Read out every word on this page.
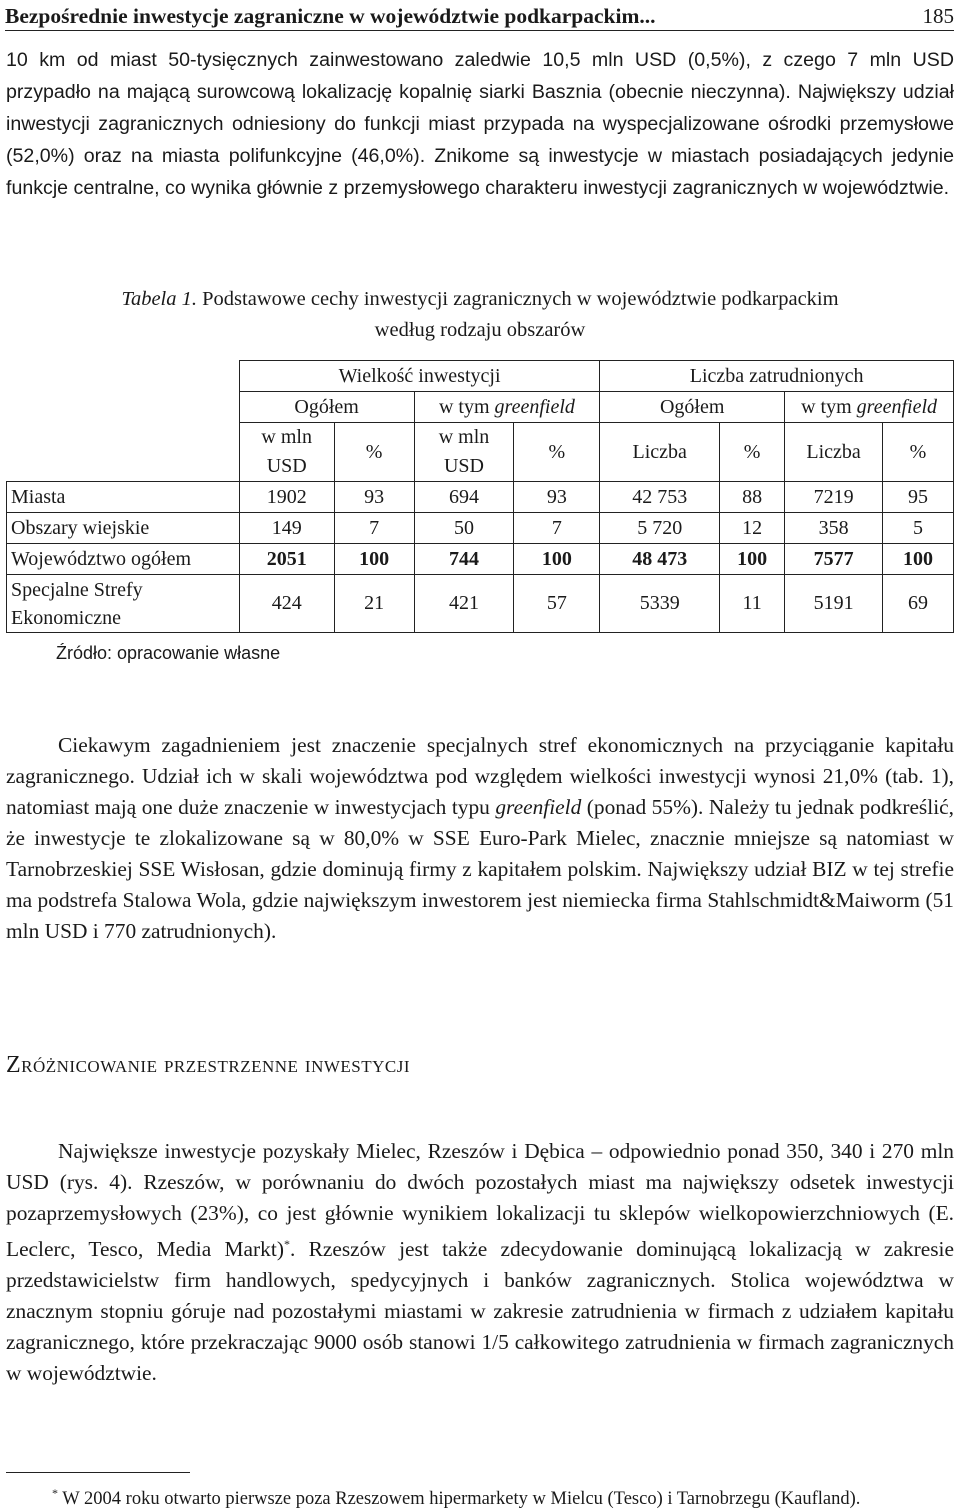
Bezpośrednie inwestycje zagraniczne w województwie podkarpackim...	185

10 km od miast 50-tysięcznych zainwestowano zaledwie 10,5 mln USD (0,5%), z czego 7 mln USD przypadło na mającą surowcową lokalizację kopalnię siarki Basznia (obecnie nieczynna). Największy udział inwestycji zagranicznych odniesiony do funkcji miast przypada na wyspecjalizowane ośrodki przemysłowe (52,0%) oraz na miasta polifunkcyjne (46,0%). Znikome są inwestycje w miastach posiadających jedynie funkcje centralne, co wynika głównie z przemysłowego charakteru inwestycji zagranicznych w województwie.

Tabela 1. Podstawowe cechy inwestycji zagranicznych w województwie podkarpackim
według rodzaju obszarów
	Wielkość inwestycji				Liczba zatrudnionych			
	Ogółem		w tym greenfield		Ogółem		w tym greenfield	
	w mln USD	%	w mln USD	%	Liczba	%	Liczba	%
Miasta	1902	93	694	93	42 753	88	7219	95
Obszary wiejskie	149	7	50	7	5 720	12	358	5
Województwo ogółem	2051	100	744	100	48 473	100	7577	100
Specjalne Strefy Ekonomiczne	424	21	421	57	5339	11	5191	69
Źródło: opracowanie własne

Ciekawym zagadnieniem jest znaczenie specjalnych stref ekonomicznych na przyciąganie kapitału zagranicznego. Udział ich w skali województwa pod względem wielkości inwestycji wynosi 21,0% (tab. 1), natomiast mają one duże znaczenie w inwestycjach typu greenfield (ponad 55%). Należy tu jednak podkreślić, że inwestycje te zlokalizowane są w 80,0% w SSE Euro-Park Mielec, znacznie mniejsze są natomiast w Tarnobrzeskiej SSE Wisłosan, gdzie dominują firmy z kapitałem polskim. Największy udział BIZ w tej strefie ma podstrefa Stalowa Wola, gdzie największym inwestorem jest niemiecka firma Stahlschmidt&Maiworm (51 mln USD i 770 zatrudnionych).

Zróżnicowanie przestrzenne inwestycji

Największe inwestycje pozyskały Mielec, Rzeszów i Dębica – odpowiednio ponad 350, 340 i 270 mln USD (rys. 4). Rzeszów, w porównaniu do dwóch pozostałych miast ma największy odsetek inwestycji pozaprzemysłowych (23%), co jest głównie wynikiem lokalizacji tu sklepów wielkopowierzchniowych (E. Leclerc, Tesco, Media Markt)*. Rzeszów jest także zdecydowanie dominującą lokalizacją w zakresie przedstawicielstw firm handlowych, spedycyjnych i banków zagranicznych. Stolica województwa w znacznym stopniu góruje nad pozostałymi miastami w zakresie zatrudnienia w firmach z udziałem kapitału zagranicznego, które przekraczając 9000 osób stanowi 1/5 całkowitego zatrudnienia w firmach zagranicznych w województwie.

* W 2004 roku otwarto pierwsze poza Rzeszowem hipermarkety w Mielcu (Tesco) i Tarnobrzegu (Kaufland).
